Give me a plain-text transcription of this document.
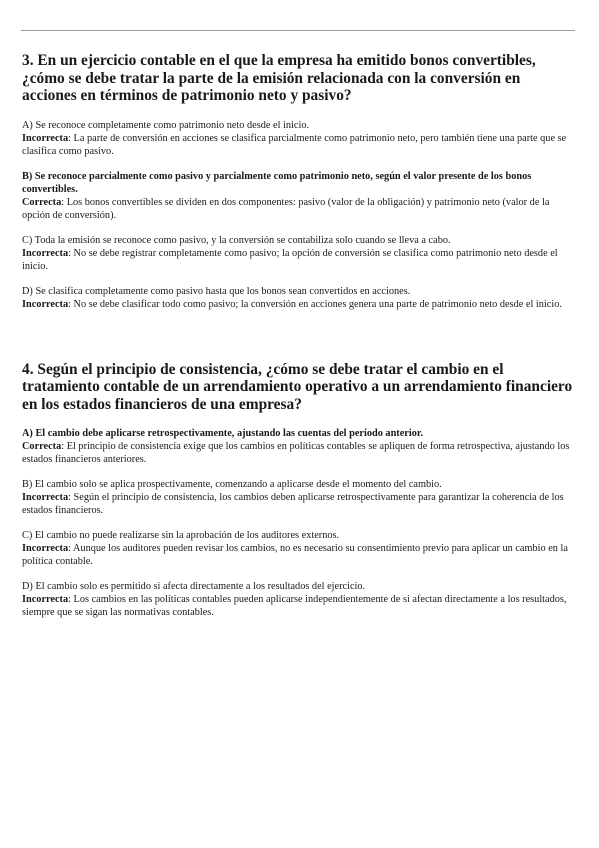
3. En un ejercicio contable en el que la empresa ha emitido bonos convertibles, ¿cómo se debe tratar la parte de la emisión relacionada con la conversión en acciones en términos de patrimonio neto y pasivo?

A) Se reconoce completamente como patrimonio neto desde el inicio.
Incorrecta: La parte de conversión en acciones se clasifica parcialmente como patrimonio neto, pero también tiene una parte que se clasifica como pasivo.
B) Se reconoce parcialmente como pasivo y parcialmente como patrimonio neto, según el valor presente de los bonos convertibles.
Correcta: Los bonos convertibles se dividen en dos componentes: pasivo (valor de la obligación) y patrimonio neto (valor de la opción de conversión).
C) Toda la emisión se reconoce como pasivo, y la conversión se contabiliza solo cuando se lleva a cabo.
Incorrecta: No se debe registrar completamente como pasivo; la opción de conversión se clasifica como patrimonio neto desde el inicio.
D) Se clasifica completamente como pasivo hasta que los bonos sean convertidos en acciones.
Incorrecta: No se debe clasificar todo como pasivo; la conversión en acciones genera una parte de patrimonio neto desde el inicio.

4. Según el principio de consistencia, ¿cómo se debe tratar el cambio en el tratamiento contable de un arrendamiento operativo a un arrendamiento financiero en los estados financieros de una empresa?

A) El cambio debe aplicarse retrospectivamente, ajustando las cuentas del período anterior.
Correcta: El principio de consistencia exige que los cambios en políticas contables se apliquen de forma retrospectiva, ajustando los estados financieros anteriores.
B) El cambio solo se aplica prospectivamente, comenzando a aplicarse desde el momento del cambio.
Incorrecta: Según el principio de consistencia, los cambios deben aplicarse retrospectivamente para garantizar la coherencia de los estados financieros.
C) El cambio no puede realizarse sin la aprobación de los auditores externos.
Incorrecta: Aunque los auditores pueden revisar los cambios, no es necesario su consentimiento previo para aplicar un cambio en la política contable.
D) El cambio solo es permitido si afecta directamente a los resultados del ejercicio.
Incorrecta: Los cambios en las políticas contables pueden aplicarse independientemente de si afectan directamente a los resultados, siempre que se sigan las normativas contables.
